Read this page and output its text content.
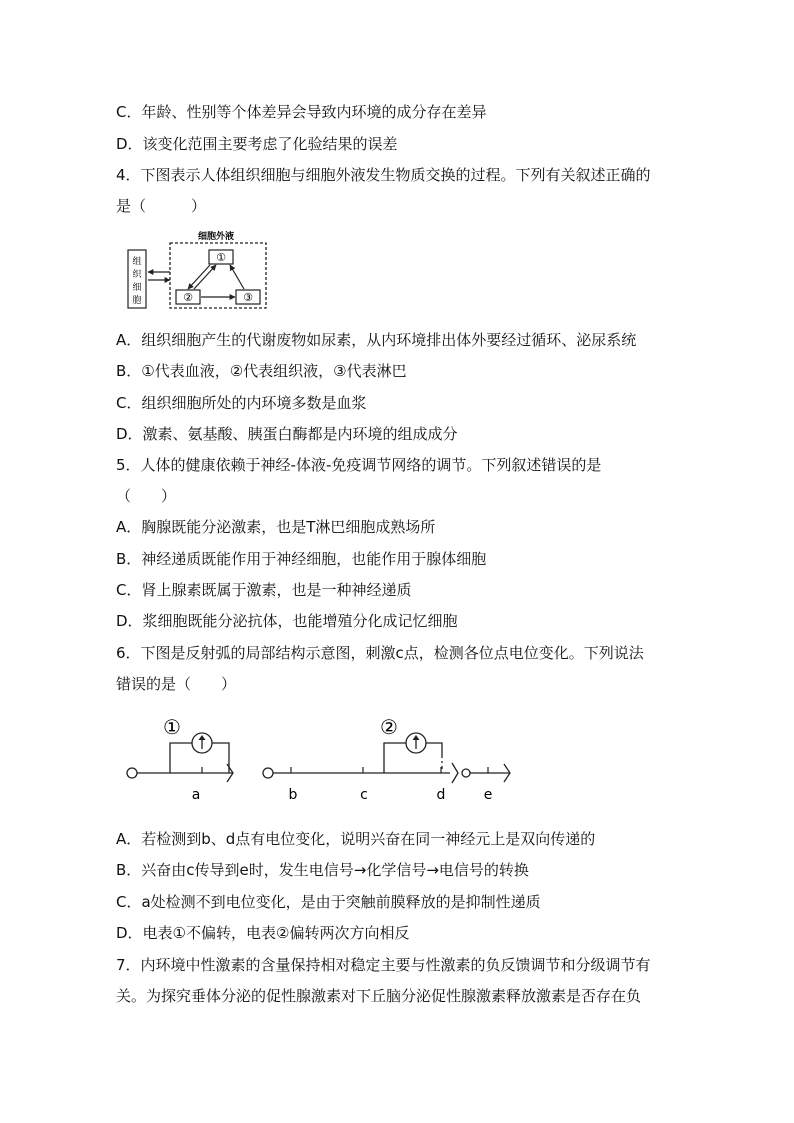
C．年龄、性别等个体差异会导致内环境的成分存在差异
D．该变化范围主要考虑了化验结果的误差
4．下图表示人体组织细胞与细胞外液发生物质交换的过程。下列有关叙述正确的
是（　　　）
组
织
细
胞
细胞外液
①
②	③
A．组织细胞产生的代谢废物如尿素，从内环境排出体外要经过循环、泌尿系统
B．①代表血液，②代表组织液，③代表淋巴
C．组织细胞所处的内环境多数是血浆
D．激素、氨基酸、胰蛋白酶都是内环境的组成成分
5．人体的健康依赖于神经-体液-免疫调节网络的调节。下列叙述错误的是
（　　）
A．胸腺既能分泌激素，也是T淋巴细胞成熟场所
B．神经递质既能作用于神经细胞，也能作用于腺体细胞
C．肾上腺素既属于激素，也是一种神经递质
D．浆细胞既能分泌抗体，也能增殖分化成记忆细胞
6．下图是反射弧的局部结构示意图，刺激c点，检测各位点电位变化。下列说法
错误的是（　　）
①
a	b	c	d
②
e
A．若检测到b、d点有电位变化，说明兴奋在同一神经元上是双向传递的
B．兴奋由c传导到e时，发生电信号→化学信号→电信号的转换
C．a处检测不到电位变化，是由于突触前膜释放的是抑制性递质
D．电表①不偏转，电表②偏转两次方向相反
7．内环境中性激素的含量保持相对稳定主要与性激素的负反馈调节和分级调节有
关。为探究垂体分泌的促性腺激素对下丘脑分泌促性腺激素释放激素是否存在负
